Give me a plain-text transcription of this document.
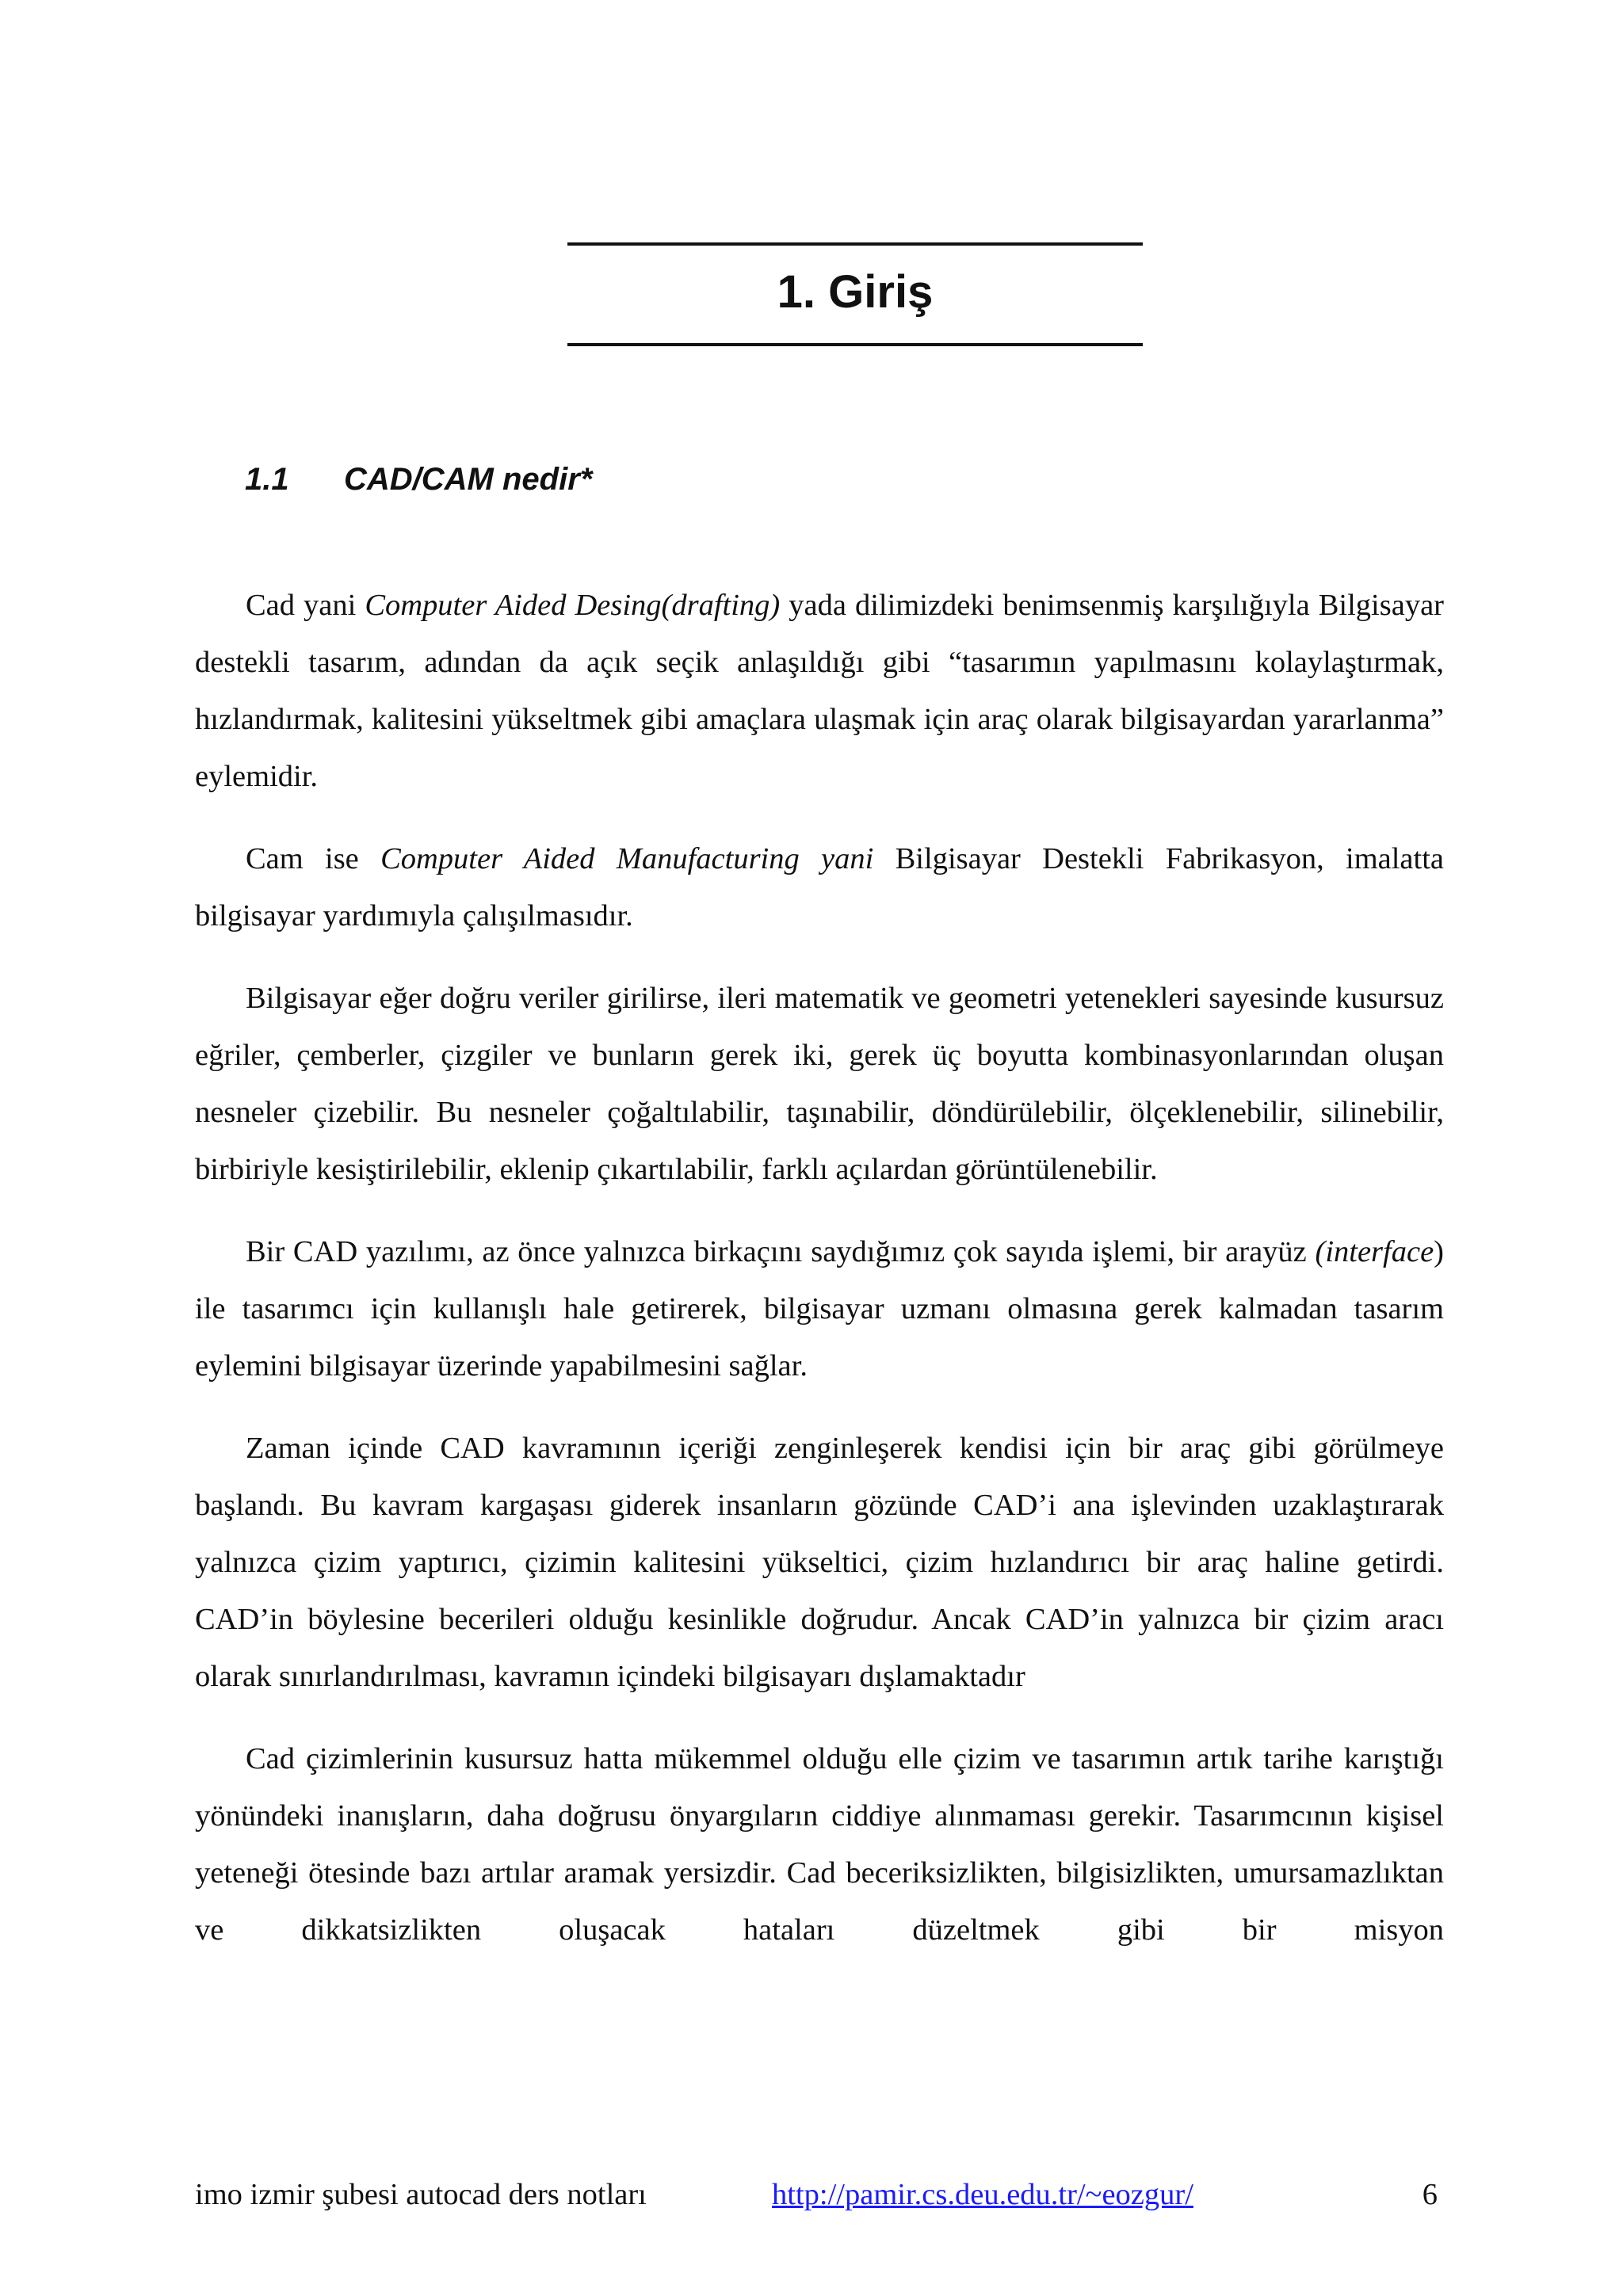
1. Giriş
1.1 CAD/CAM nedir*

Cad yani Computer Aided Desing(drafting) yada dilimizdeki benimsenmiş karşılığıyla Bilgisayar destekli tasarım, adından da açık seçik anlaşıldığı gibi “tasarımın yapılmasını kolaylaştırmak, hızlandırmak, kalitesini yükseltmek gibi amaçlara ulaşmak için araç olarak bilgisayardan yararlanma” eylemidir.

Cam ise Computer Aided Manufacturing yani Bilgisayar Destekli Fabrikasyon, imalatta bilgisayar yardımıyla çalışılmasıdır.

Bilgisayar eğer doğru veriler girilirse, ileri matematik ve geometri yetenekleri sayesinde kusursuz eğriler, çemberler, çizgiler ve bunların gerek iki, gerek üç boyutta kombinasyonlarından oluşan nesneler çizebilir. Bu nesneler çoğaltılabilir, taşınabilir, döndürülebilir, ölçeklenebilir, silinebilir, birbiriyle kesiştirilebilir, eklenip çıkartılabilir, farklı açılardan görüntülenebilir.

Bir CAD yazılımı, az önce yalnızca birkaçını saydığımız çok sayıda işlemi, bir arayüz (interface) ile tasarımcı için kullanışlı hale getirerek, bilgisayar uzmanı olmasına gerek kalmadan tasarım eylemini bilgisayar üzerinde yapabilmesini sağlar.

Zaman içinde CAD kavramının içeriği zenginleşerek kendisi için bir araç gibi görülmeye başlandı. Bu kavram kargaşası giderek insanların gözünde CAD’i ana işlevinden uzaklaştırarak yalnızca çizim yaptırıcı, çizimin kalitesini yükseltici, çizim hızlandırıcı bir araç haline getirdi. CAD’in böylesine becerileri olduğu kesinlikle doğrudur. Ancak CAD’in yalnızca bir çizim aracı olarak sınırlandırılması, kavramın içindeki bilgisayarı dışlamaktadır

Cad çizimlerinin kusursuz hatta mükemmel olduğu elle çizim ve tasarımın artık tarihe karıştığı yönündeki inanışların, daha doğrusu önyargıların ciddiye alınmaması gerekir. Tasarımcının kişisel yeteneği ötesinde bazı artılar aramak yersizdir. Cad beceriksizlikten, bilgisizlikten, umursamazlıktan ve dikkatsizlikten oluşacak hataları düzeltmek gibi bir misyon

imo izmir şubesi autocad ders notları	http://pamir.cs.deu.edu.tr/~eozgur/	6
